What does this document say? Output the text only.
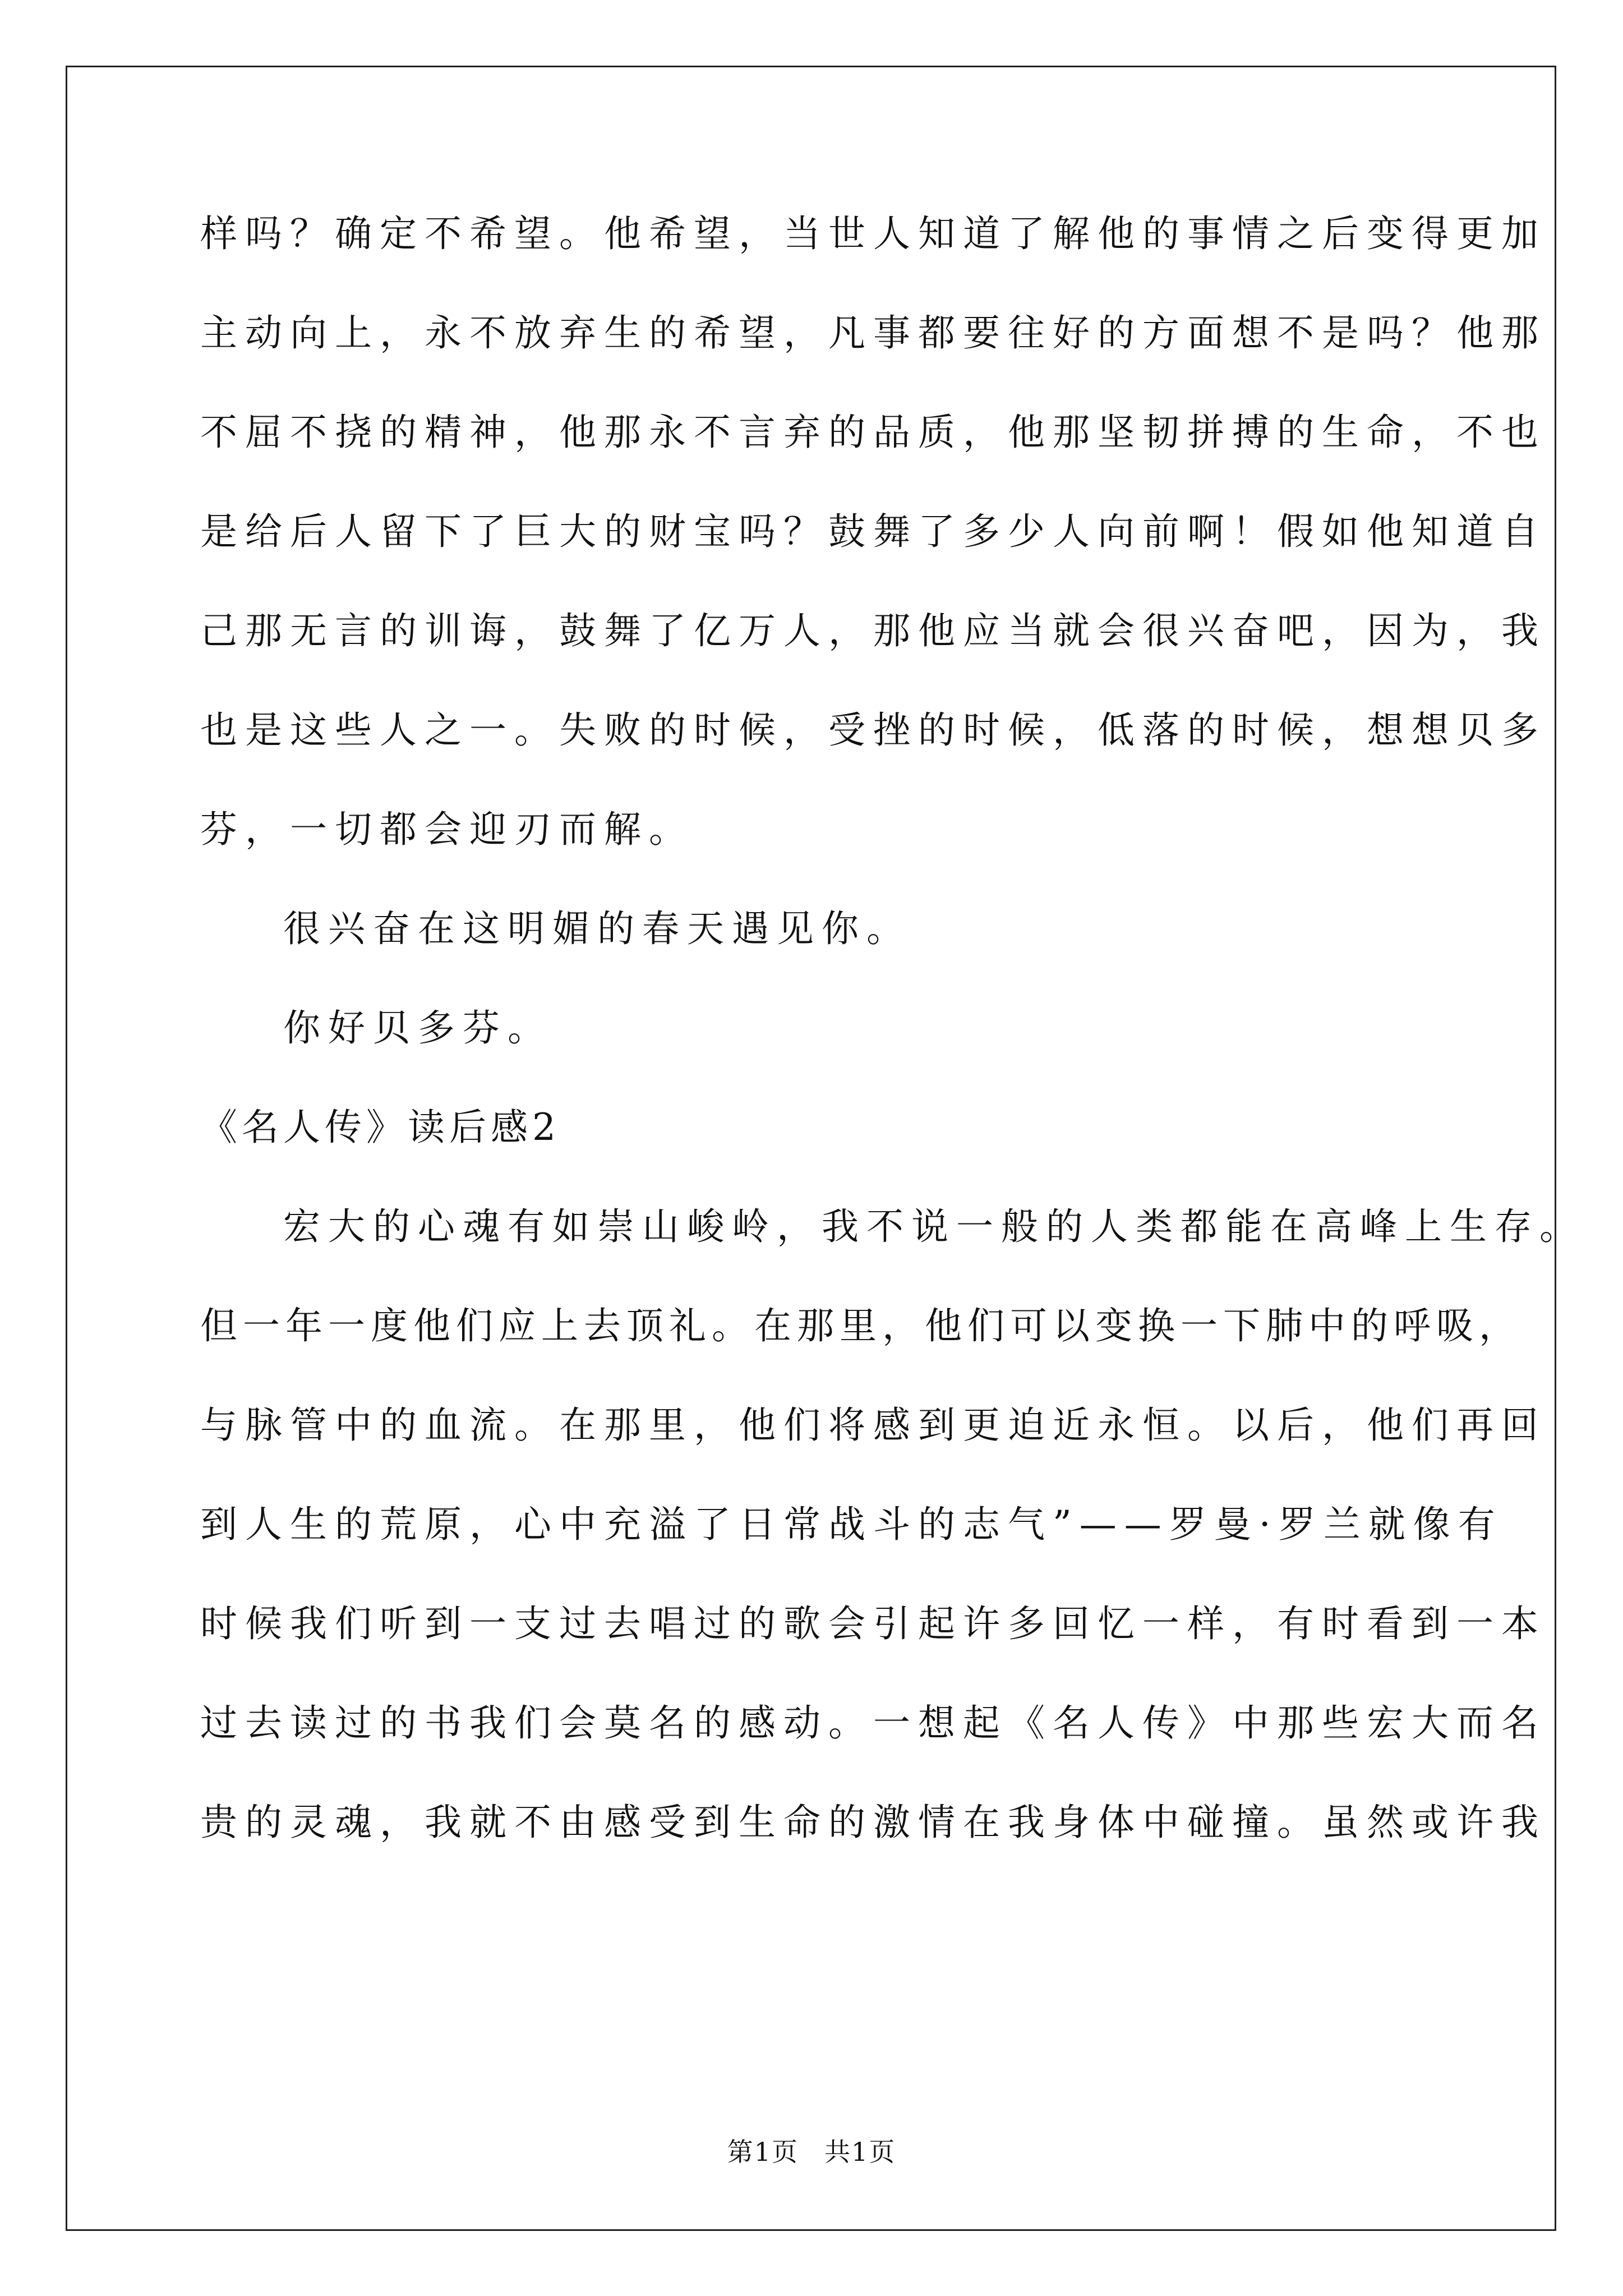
样吗？确定不希望。他希望，当世人知道了解他的事情之后变得更加
主动向上，永不放弃生的希望，凡事都要往好的方面想不是吗？他那
不屈不挠的精神，他那永不言弃的品质，他那坚韧拼搏的生命，不也
是给后人留下了巨大的财宝吗？鼓舞了多少人向前啊！假如他知道自
己那无言的训诲，鼓舞了亿万人，那他应当就会很兴奋吧，因为，我
也是这些人之一。失败的时候，受挫的时候，低落的时候，想想贝多
芬，一切都会迎刃而解。
很兴奋在这明媚的春天遇见你。
你好贝多芬。
《名人传》读后感2
宏大的心魂有如崇山峻岭，我不说一般的人类都能在高峰上生存。
但一年一度他们应上去顶礼。在那里，他们可以变换一下肺中的呼吸，
与脉管中的血流。在那里，他们将感到更迫近永恒。以后，他们再回
到人生的荒原，心中充溢了日常战斗的志气”——罗曼·罗兰就像有
时候我们听到一支过去唱过的歌会引起许多回忆一样，有时看到一本
过去读过的书我们会莫名的感动。一想起《名人传》中那些宏大而名
贵的灵魂，我就不由感受到生命的激情在我身体中碰撞。虽然或许我
第1页 共1页
